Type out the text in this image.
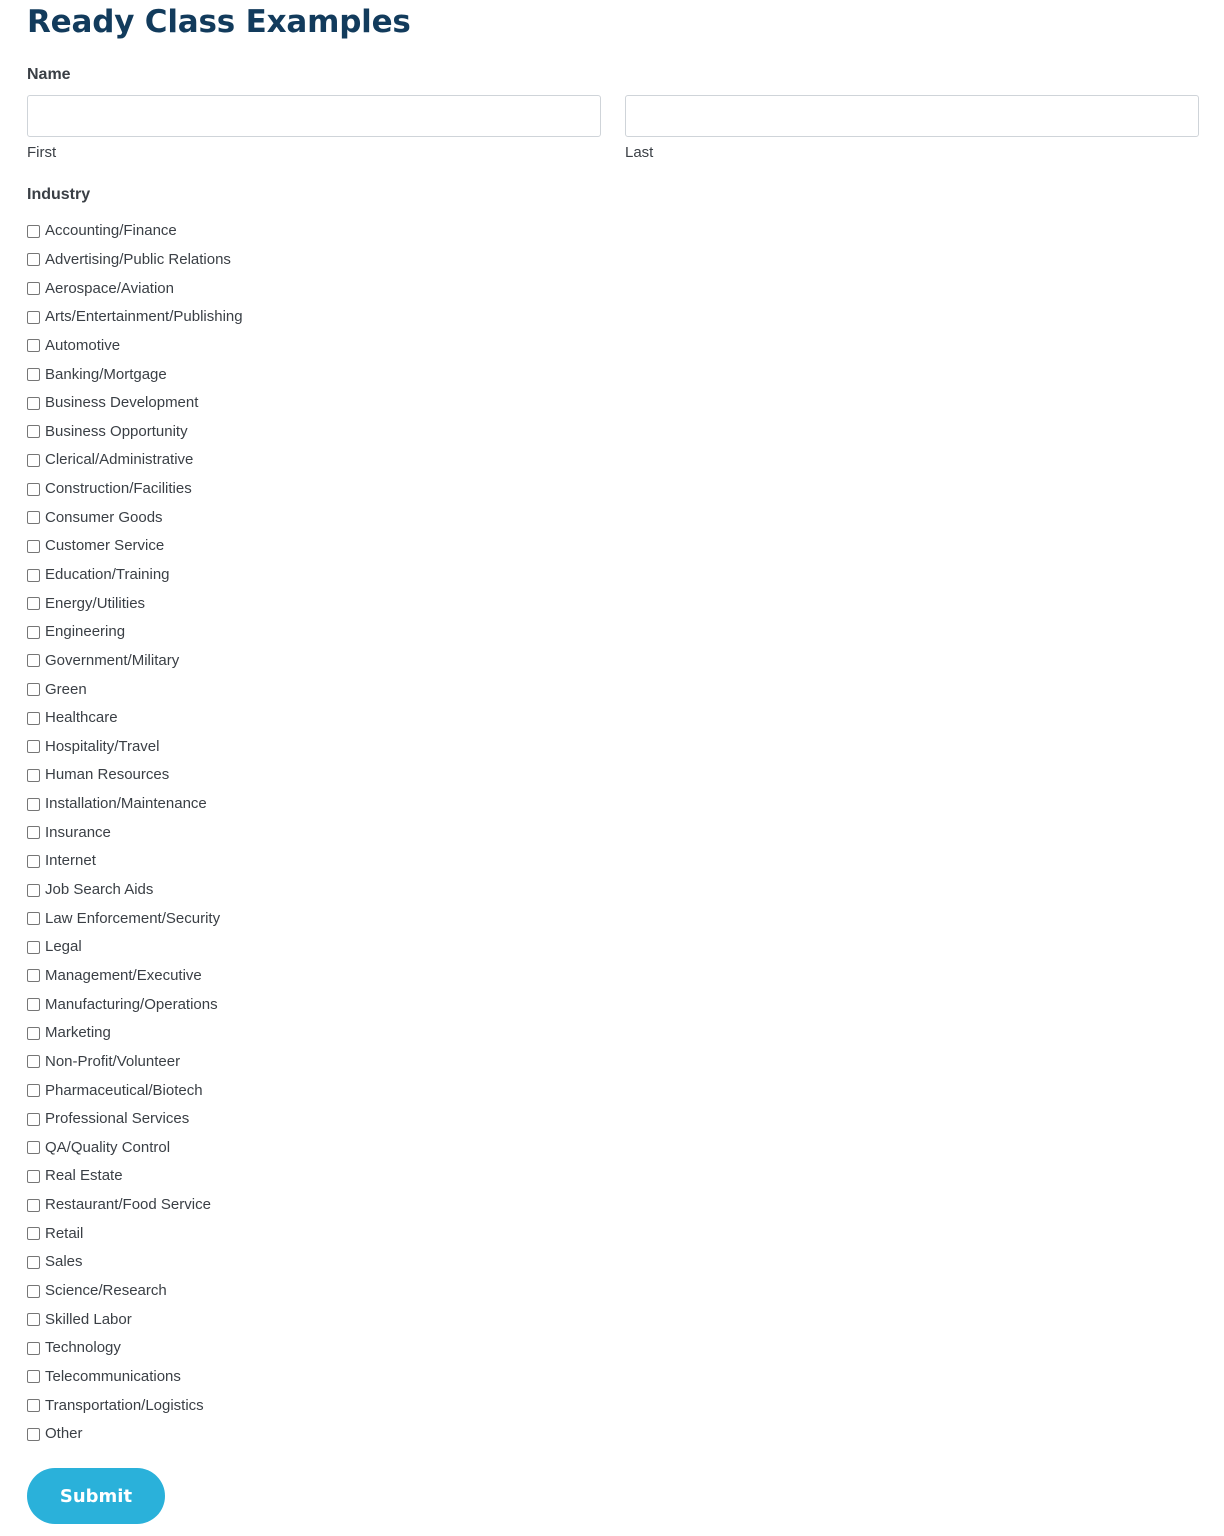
Ready Class Examples
Name
First	Last
Industry
Accounting/Finance
Advertising/Public Relations
Aerospace/Aviation
Arts/Entertainment/Publishing
Automotive
Banking/Mortgage
Business Development
Business Opportunity
Clerical/Administrative
Construction/Facilities
Consumer Goods
Customer Service
Education/Training
Energy/Utilities
Engineering
Government/Military
Green
Healthcare
Hospitality/Travel
Human Resources
Installation/Maintenance
Insurance
Internet
Job Search Aids
Law Enforcement/Security
Legal
Management/Executive
Manufacturing/Operations
Marketing
Non-Profit/Volunteer
Pharmaceutical/Biotech
Professional Services
QA/Quality Control
Real Estate
Restaurant/Food Service
Retail
Sales
Science/Research
Skilled Labor
Technology
Telecommunications
Transportation/Logistics
Other
Submit
